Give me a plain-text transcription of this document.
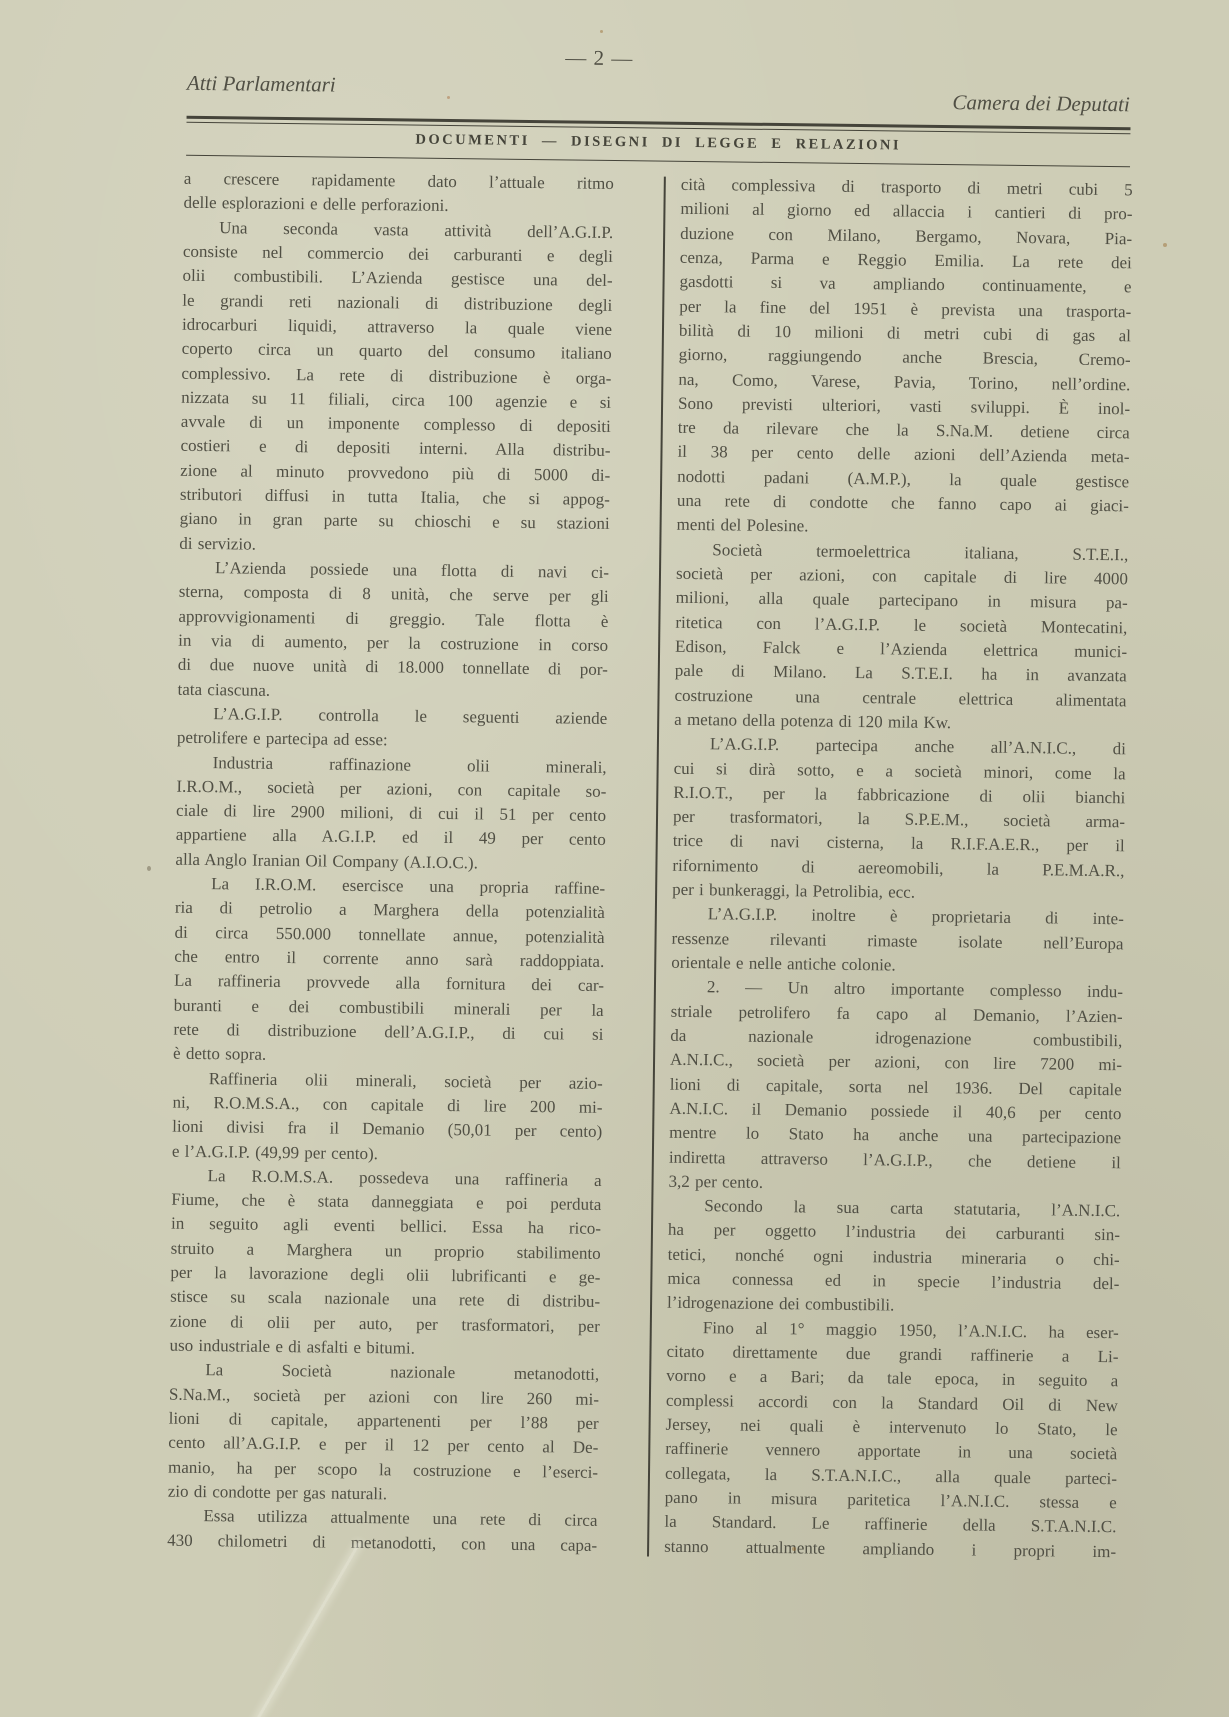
— 2 —
Atti Parlamentari
Camera dei Deputati
DOCUMENTI — DISEGNI DI LEGGE E RELAZIONI
a crescere rapidamente dato l’attuale ritmo
delle esplorazioni e delle perforazioni.
Una seconda vasta attività dell’A.G.I.P.
consiste nel commercio dei carburanti e degli
olii combustibili. L’Azienda gestisce una del-
le grandi reti nazionali di distribuzione degli
idrocarburi liquidi, attraverso la quale viene
coperto circa un quarto del consumo italiano
complessivo. La rete di distribuzione è orga-
nizzata su 11 filiali, circa 100 agenzie e si
avvale di un imponente complesso di depositi
costieri e di depositi interni. Alla distribu-
zione al minuto provvedono più di 5000 di-
stributori diffusi in tutta Italia, che si appog-
giano in gran parte su chioschi e su stazioni
di servizio.
L’Azienda possiede una flotta di navi ci-
sterna, composta di 8 unità, che serve per gli
approvvigionamenti di greggio. Tale flotta è
in via di aumento, per la costruzione in corso
di due nuove unità di 18.000 tonnellate di por-
tata ciascuna.
L’A.G.I.P. controlla le seguenti aziende
petrolifere e partecipa ad esse:
Industria raffinazione olii minerali,
I.R.O.M., società per azioni, con capitale so-
ciale di lire 2900 milioni, di cui il 51 per cento
appartiene alla A.G.I.P. ed il 49 per cento
alla Anglo Iranian Oil Company (A.I.O.C.).
La I.R.O.M. esercisce una propria raffine-
ria di petrolio a Marghera della potenzialità
di circa 550.000 tonnellate annue, potenzialità
che entro il corrente anno sarà raddoppiata.
La raffineria provvede alla fornitura dei car-
buranti e dei combustibili minerali per la
rete di distribuzione dell’A.G.I.P., di cui si
è detto sopra.
Raffineria olii minerali, società per azio-
ni, R.O.M.S.A., con capitale di lire 200 mi-
lioni divisi fra il Demanio (50,01 per cento)
e l’A.G.I.P. (49,99 per cento).
La R.O.M.S.A. possedeva una raffineria a
Fiume, che è stata danneggiata e poi perduta
in seguito agli eventi bellici. Essa ha rico-
struito a Marghera un proprio stabilimento
per la lavorazione degli olii lubrificanti e ge-
stisce su scala nazionale una rete di distribu-
zione di olii per auto, per trasformatori, per
uso industriale e di asfalti e bitumi.
La Società nazionale metanodotti,
S.Na.M., società per azioni con lire 260 mi-
lioni di capitale, appartenenti per l’88 per
cento all’A.G.I.P. e per il 12 per cento al De-
manio, ha per scopo la costruzione e l’eserci-
zio di condotte per gas naturali.
Essa utilizza attualmente una rete di circa
430 chilometri di metanodotti, con una capa-
cità complessiva di trasporto di metri cubi 5
milioni al giorno ed allaccia i cantieri di pro-
duzione con Milano, Bergamo, Novara, Pia-
cenza, Parma e Reggio Emilia. La rete dei
gasdotti si va ampliando continuamente, e
per la fine del 1951 è prevista una trasporta-
bilità di 10 milioni di metri cubi di gas al
giorno, raggiungendo anche Brescia, Cremo-
na, Como, Varese, Pavia, Torino, nell’ordine.
Sono previsti ulteriori, vasti sviluppi. È inol-
tre da rilevare che la S.Na.M. detiene circa
il 38 per cento delle azioni dell’Azienda meta-
nodotti padani (A.M.P.), la quale gestisce
una rete di condotte che fanno capo ai giaci-
menti del Polesine.
Società termoelettrica italiana, S.T.E.I.,
società per azioni, con capitale di lire 4000
milioni, alla quale partecipano in misura pa-
ritetica con l’A.G.I.P. le società Montecatini,
Edison, Falck e l’Azienda elettrica munici-
pale di Milano. La S.T.E.I. ha in avanzata
costruzione una centrale elettrica alimentata
a metano della potenza di 120 mila Kw.
L’A.G.I.P. partecipa anche all’A.N.I.C., di
cui si dirà sotto, e a società minori, come la
R.I.O.T., per la fabbricazione di olii bianchi
per trasformatori, la S.P.E.M., società arma-
trice di navi cisterna, la R.I.F.A.E.R., per il
rifornimento di aereomobili, la P.E.M.A.R.,
per i bunkeraggi, la Petrolibia, ecc.
L’A.G.I.P. inoltre è proprietaria di inte-
ressenze rilevanti rimaste isolate nell’Europa
orientale e nelle antiche colonie.
2. — Un altro importante complesso indu-
striale petrolifero fa capo al Demanio, l’Azien-
da nazionale idrogenazione combustibili,
A.N.I.C., società per azioni, con lire 7200 mi-
lioni di capitale, sorta nel 1936. Del capitale
A.N.I.C. il Demanio possiede il 40,6 per cento
mentre lo Stato ha anche una partecipazione
indiretta attraverso l’A.G.I.P., che detiene il
3,2 per cento.
Secondo la sua carta statutaria, l’A.N.I.C.
ha per oggetto l’industria dei carburanti sin-
tetici, nonché ogni industria mineraria o chi-
mica connessa ed in specie l’industria del-
l’idrogenazione dei combustibili.
Fino al 1° maggio 1950, l’A.N.I.C. ha eser-
citato direttamente due grandi raffinerie a Li-
vorno e a Bari; da tale epoca, in seguito a
complessi accordi con la Standard Oil di New
Jersey, nei quali è intervenuto lo Stato, le
raffinerie vennero apportate in una società
collegata, la S.T.A.N.I.C., alla quale parteci-
pano in misura paritetica l’A.N.I.C. stessa e
la Standard. Le raffinerie della S.T.A.N.I.C.
stanno attualmente ampliando i propri im-
